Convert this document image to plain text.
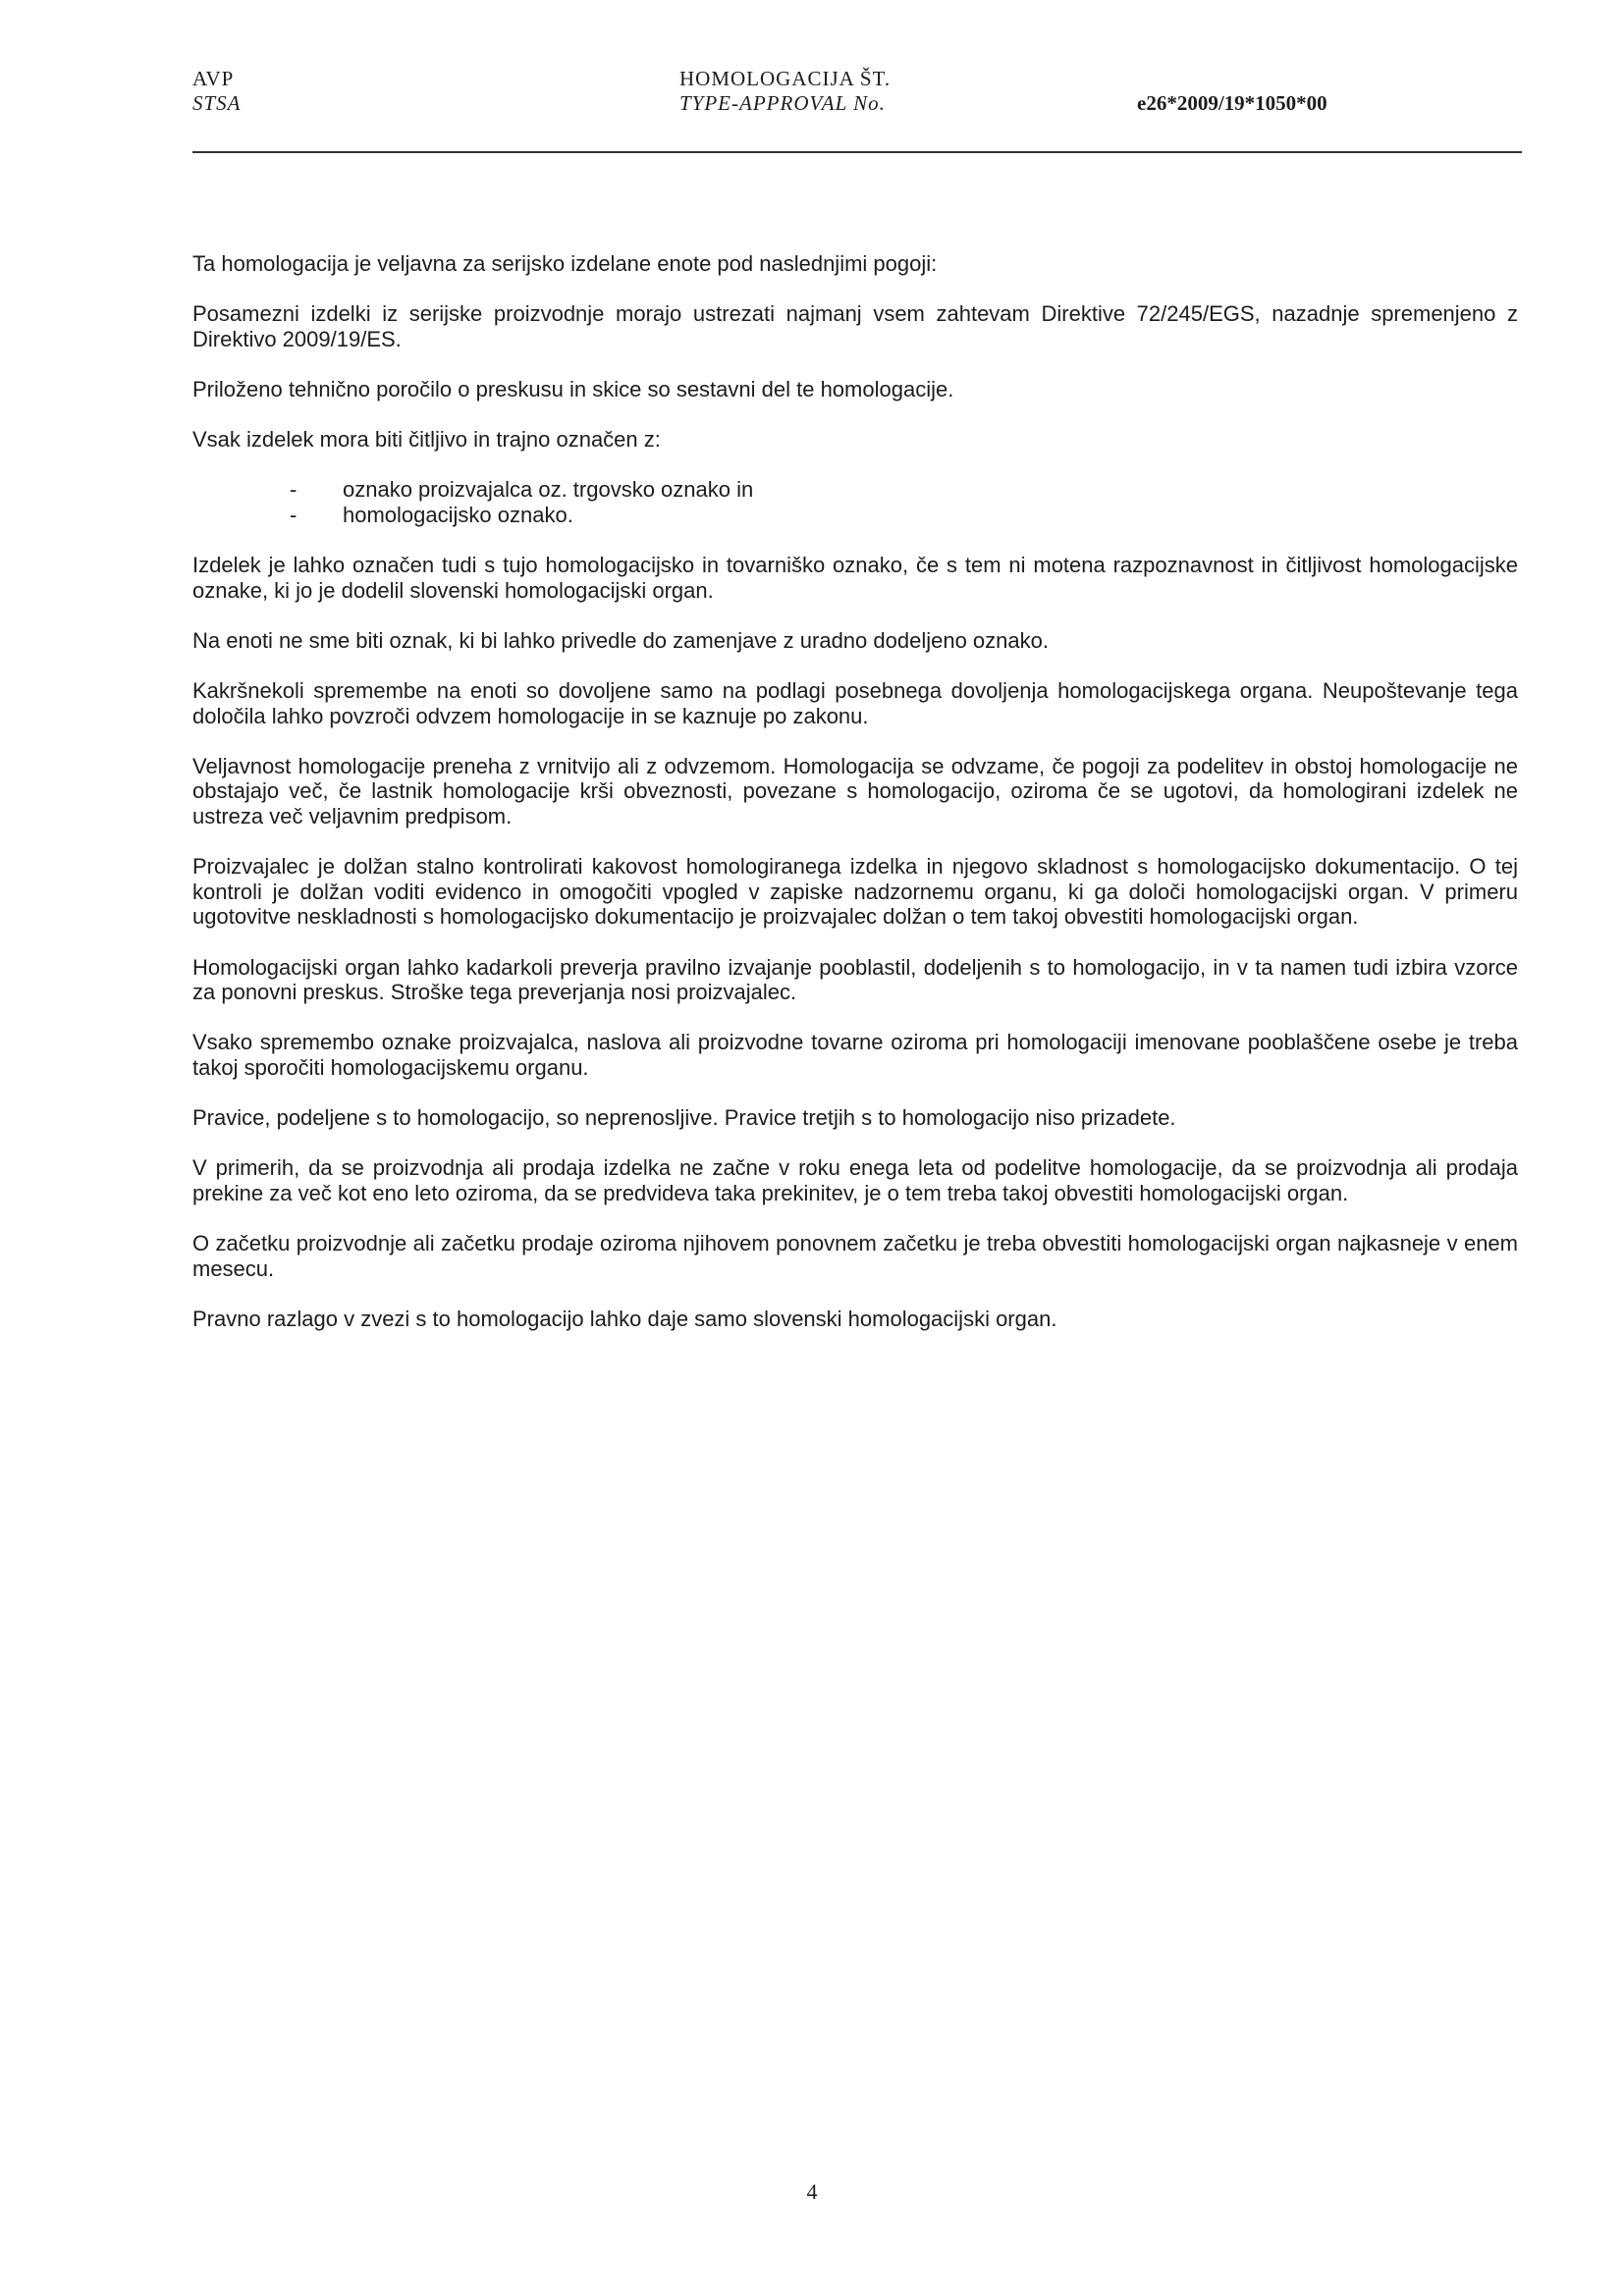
AVP
STSA
HOMOLOGACIJA ŠT.
TYPE-APPROVAL No.	e26*2009/19*1050*00

Ta homologacija je veljavna za serijsko izdelane enote pod naslednjimi pogoji:

Posamezni izdelki iz serijske proizvodnje morajo ustrezati najmanj vsem zahtevam Direktive 72/245/EGS, nazadnje spremenjeno z Direktivo 2009/19/ES.

Priloženo tehnično poročilo o preskusu in skice so sestavni del te homologacije.

Vsak izdelek mora biti čitljivo in trajno označen z:

- oznako proizvajalca oz. trgovsko oznako in
- homologacijsko oznako.

Izdelek je lahko označen tudi s tujo homologacijsko in tovarniško oznako, če s tem ni motena razpoznavnost in čitljivost homologacijske oznake, ki jo je dodelil slovenski homologacijski organ.

Na enoti ne sme biti oznak, ki bi lahko privedle do zamenjave z uradno dodeljeno oznako.

Kakršnekoli spremembe na enoti so dovoljene samo na podlagi posebnega dovoljenja homologacijskega organa. Neupoštevanje tega določila lahko povzroči odvzem homologacije in se kaznuje po zakonu.

Veljavnost homologacije preneha z vrnitvijo ali z odvzemom. Homologacija se odvzame, če pogoji za podelitev in obstoj homologacije ne obstajajo več, če lastnik homologacije krši obveznosti, povezane s homologacijo, oziroma če se ugotovi, da homologirani izdelek ne ustreza več veljavnim predpisom.

Proizvajalec je dolžan stalno kontrolirati kakovost homologiranega izdelka in njegovo skladnost s homologacijsko dokumentacijo. O tej kontroli je dolžan voditi evidenco in omogočiti vpogled v zapiske nadzornemu organu, ki ga določi homologacijski organ. V primeru ugotovitve neskladnosti s homologacijsko dokumentacijo je proizvajalec dolžan o tem takoj obvestiti homologacijski organ.

Homologacijski organ lahko kadarkoli preverja pravilno izvajanje pooblastil, dodeljenih s to homologacijo, in v ta namen tudi izbira vzorce za ponovni preskus. Stroške tega preverjanja nosi proizvajalec.

Vsako spremembo oznake proizvajalca, naslova ali proizvodne tovarne oziroma pri homologaciji imenovane pooblaščene osebe je treba takoj sporočiti homologacijskemu organu.

Pravice, podeljene s to homologacijo, so neprenosljive. Pravice tretjih s to homologacijo niso prizadete.

V primerih, da se proizvodnja ali prodaja izdelka ne začne v roku enega leta od podelitve homologacije, da se proizvodnja ali prodaja prekine za več kot eno leto oziroma, da se predvideva taka prekinitev, je o tem treba takoj obvestiti homologacijski organ.

O začetku proizvodnje ali začetku prodaje oziroma njihovem ponovnem začetku je treba obvestiti homologacijski organ najkasneje v enem mesecu.

Pravno razlago v zvezi s to homologacijo lahko daje samo slovenski homologacijski organ.

4
